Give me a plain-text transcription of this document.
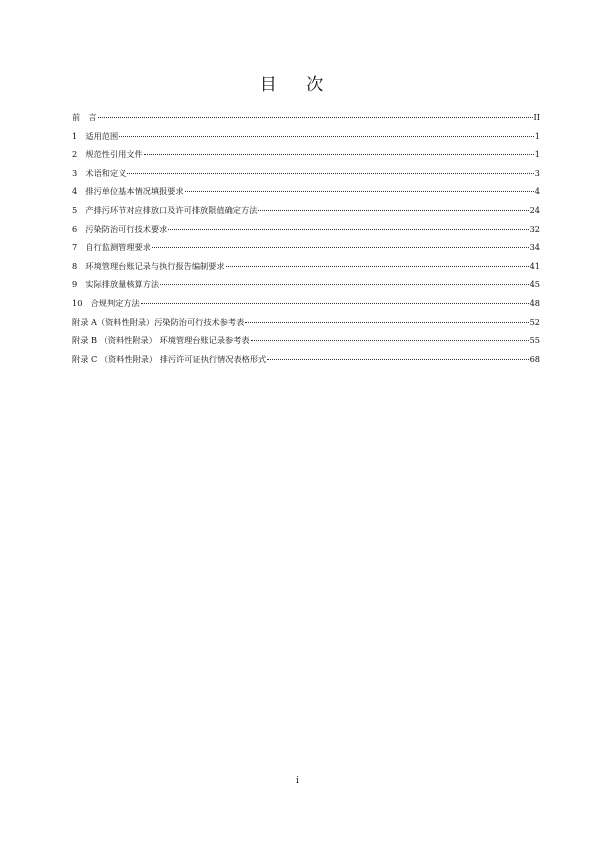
目 次
前　言	II
1　适用范围	1
2　规范性引用文件	1
3　术语和定义	3
4　排污单位基本情况填报要求	4
5　产排污环节对应排放口及许可排放限值确定方法	24
6　污染防治可行技术要求	32
7　自行监测管理要求	34
8　环境管理台账记录与执行报告编制要求	41
9　实际排放量核算方法	45
10　合规判定方法	48
附录 A（资料性附录）污染防治可行技术参考表	52
附录 B （资料性附录） 环境管理台账记录参考表	55
附录 C （资料性附录） 排污许可证执行情况表格形式	68
i
